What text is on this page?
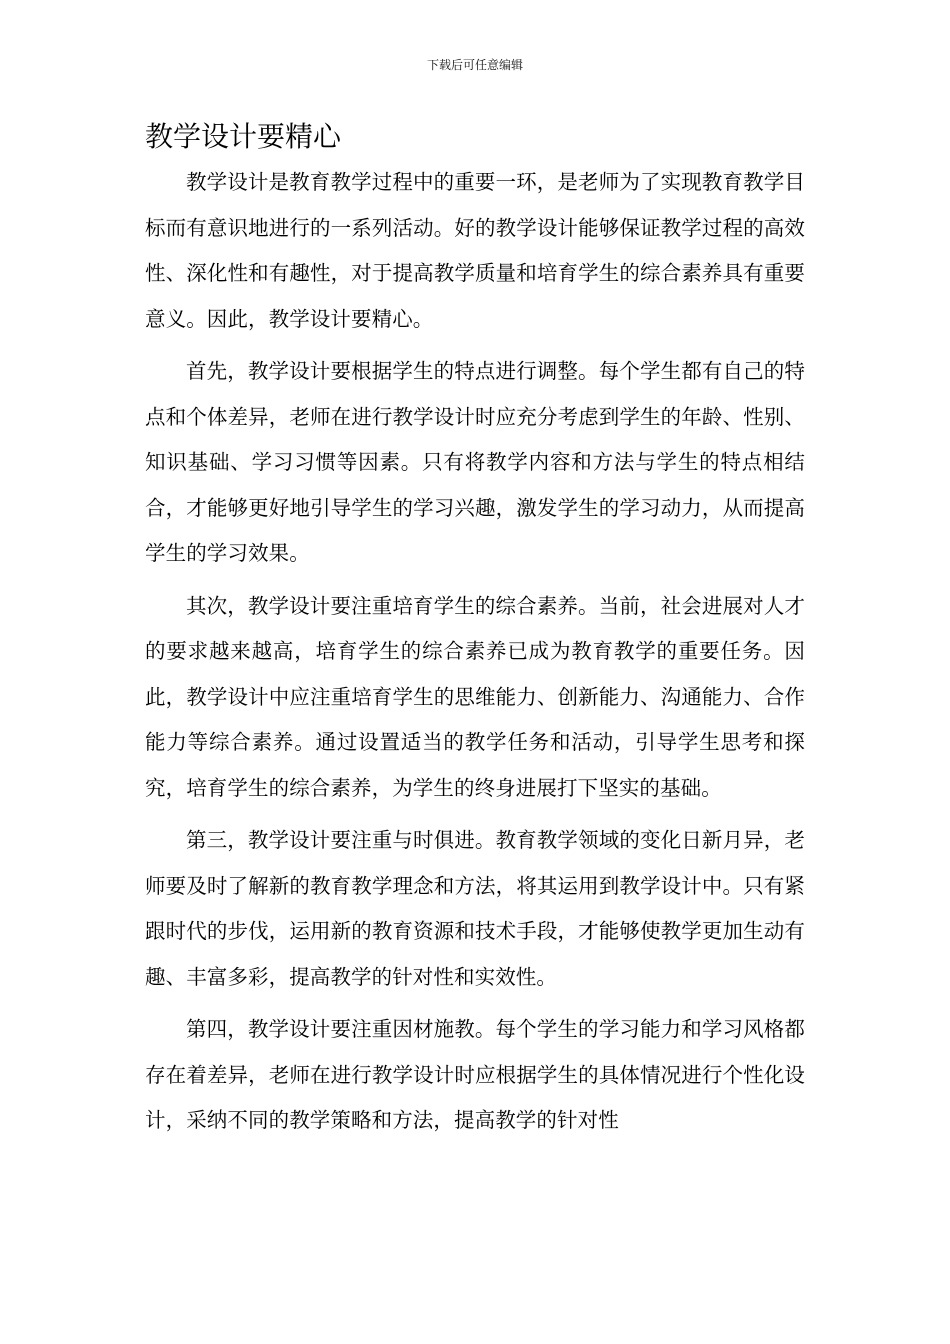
下载后可任意编辑
教学设计要精心

教学设计是教育教学过程中的重要一环，是老师为了实现教育教学目标而有意识地进行的一系列活动。好的教学设计能够保证教学过程的高效性、深化性和有趣性，对于提高教学质量和培育学生的综合素养具有重要意义。因此，教学设计要精心。

首先，教学设计要根据学生的特点进行调整。每个学生都有自己的特点和个体差异，老师在进行教学设计时应充分考虑到学生的年龄、性别、知识基础、学习习惯等因素。只有将教学内容和方法与学生的特点相结合，才能够更好地引导学生的学习兴趣，激发学生的学习动力，从而提高学生的学习效果。

其次，教学设计要注重培育学生的综合素养。当前，社会进展对人才的要求越来越高，培育学生的综合素养已成为教育教学的重要任务。因此，教学设计中应注重培育学生的思维能力、创新能力、沟通能力、合作能力等综合素养。通过设置适当的教学任务和活动，引导学生思考和探究，培育学生的综合素养，为学生的终身进展打下坚实的基础。

第三，教学设计要注重与时俱进。教育教学领域的变化日新月异，老师要及时了解新的教育教学理念和方法，将其运用到教学设计中。只有紧跟时代的步伐，运用新的教育资源和技术手段，才能够使教学更加生动有趣、丰富多彩，提高教学的针对性和实效性。

第四，教学设计要注重因材施教。每个学生的学习能力和学习风格都存在着差异，老师在进行教学设计时应根据学生的具体情况进行个性化设计，采纳不同的教学策略和方法，提高教学的针对性
